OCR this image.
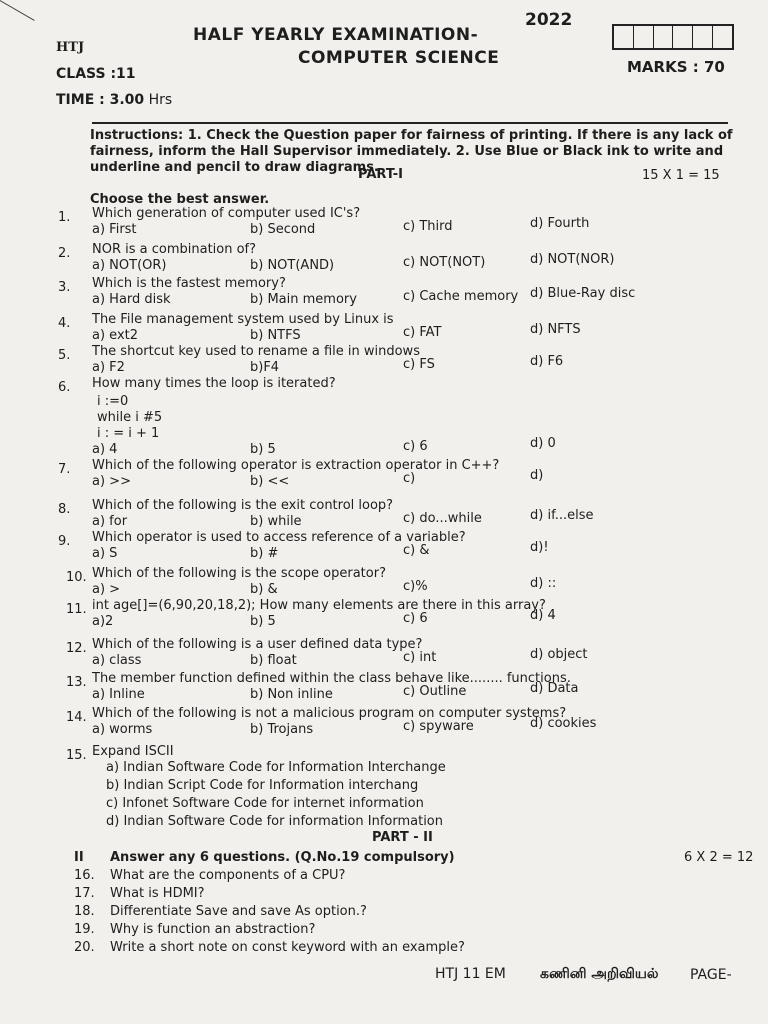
HTJ
HALF YEARLY EXAMINATION-
2022
COMPUTER SCIENCE
CLASS :11	MARKS : 70
TIME : 3.00 Hrs
Instructions: 1. Check the Question paper for fairness of printing. If there is any lack of fairness, inform the Hall Supervisor immediately. 2. Use Blue or Black ink to write and underline and pencil to draw diagrams.
PART-I	15 X 1 = 15
Choose the best answer.
1. Which generation of computer used IC's?
a) First	b) Second	c) Third	d) Fourth
2. NOR is a combination of?
a) NOT(OR)	b) NOT(AND)	c) NOT(NOT)	d) NOT(NOR)
3. Which is the fastest memory?
a) Hard disk	b) Main memory	c) Cache memory d) Blue-Ray disc
4. The File management system used by Linux is
a) ext2	b) NTFS	c) FAT	d) NFTS
5. The shortcut key used to rename a file in windows
a) F2	b)F4	c) FS	d) F6
6. How many times the loop is iterated?
i :=0
while i #5
i : = i + 1
a) 4	b) 5	c) 6	d) 0
7. Which of the following operator is extraction operator in C++?
a) >>	b) <<	c)	d)
8. Which of the following is the exit control loop?
a) for	b) while	c) do...while	d) if...else
9. Which operator is used to access reference of a variable?
a) S	b) #	c) &	d)!
10. Which of the following is the scope operator?
a) >	b) &	c)%	d) ::
11. int age[]=(6,90,20,18,2); How many elements are there in this array?
a)2	b) 5	c) 6	d) 4
12. Which of the following is a user defined data type?
a) class	b) float	c) int	d) object
13. The member function defined within the class behave like........ functions.
a) Inline	b) Non inline	c) Outline	d) Data
14. Which of the following is not a malicious program on computer systems?
a) worms	b) Trojans	c) spyware	d) cookies
15. Expand ISCII
a) Indian Software Code for Information Interchange
b) Indian Script Code for Information interchang
c) Infonet Software Code for internet information
d) Indian Software Code for information Information
PART - II
II Answer any 6 questions. (Q.No.19 compulsory)	6 X 2 = 12
16. What are the components of a CPU?
17. What is HDMI?
18. Differentiate Save and save As option.?
19. Why is function an abstraction?
20. Write a short note on const keyword with an example?
HTJ 11 EM கணினி அறிவியல் PAGE-
